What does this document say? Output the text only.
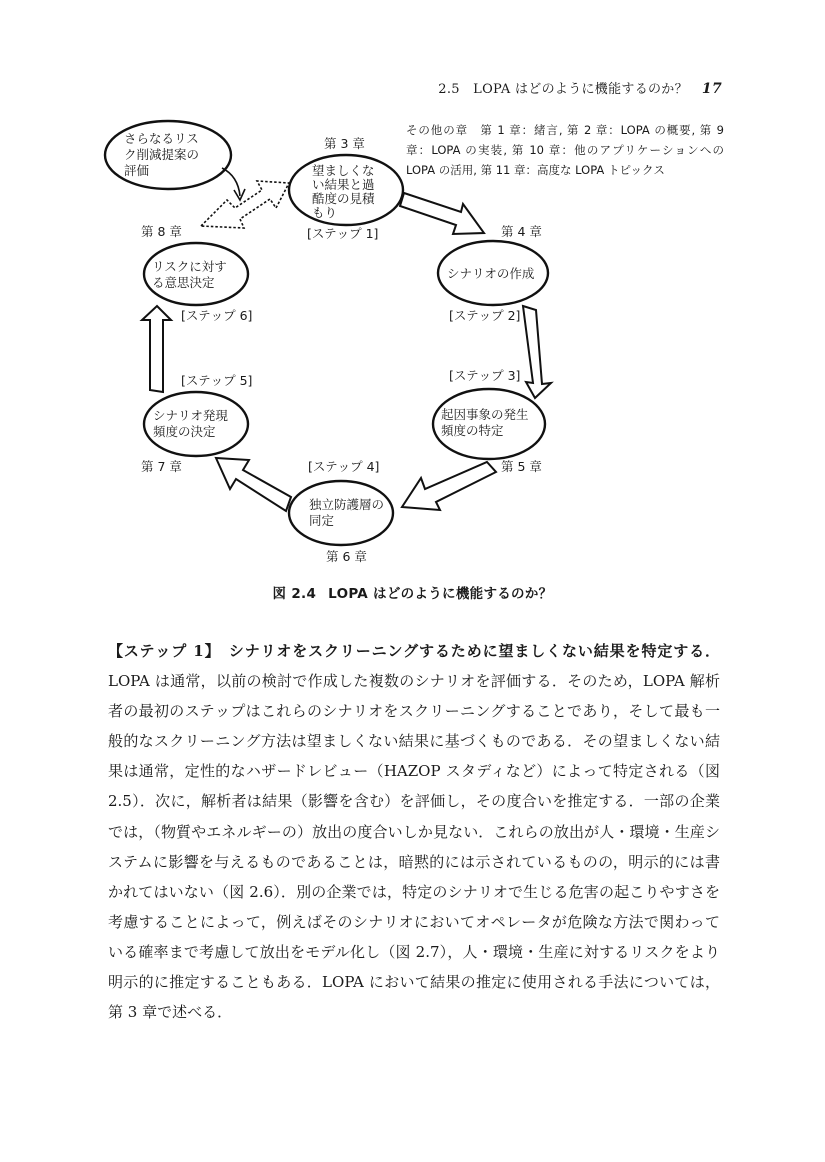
2.5　LOPA はどのように機能するのか？ 17
その他の章　第 1 章：緒言, 第 2 章：LOPA の概要, 第 9 章：LOPA の実装, 第 10 章：他のアプリケーションへの LOPA の活用, 第 11 章：高度な LOPA トピックス
さらなるリス ク削減提案の 評価	望ましくな い結果と過 酷度の見積 もり
シナリオの作成
起因事象の発生 頻度の特定
独立防護層の 同定
シナリオ発現 頻度の決定
リスクに対す る意思決定
第 3 章
第 4 章
第 5 章
第 6 章
第 7 章
第 8 章	[ステップ 1]
[ステップ 2]
[ステップ 3]
[ステップ 4]
[ステップ 5]
[ステップ 6]
図 2.4 LOPA はどのように機能するのか？
【ステップ 1】　シナリオをスクリーニングするために望ましくない結果を特定する．LOPA は通常，以前の検討で作成した複数のシナリオを評価する．そのため，LOPA 解析者の最初のステップはこれらのシナリオをスクリーニングすることであり，そして最も一般的なスクリーニング方法は望ましくない結果に基づくものである．その望ましくない結果は通常，定性的なハザードレビュー（HAZOP スタディなど）によって特定される（図 2.5）．次に，解析者は結果（影響を含む）を評価し，その度合いを推定する．一部の企業では，（物質やエネルギーの）放出の度合いしか見ない．これらの放出が人・環境・生産システムに影響を与えるものであることは，暗黙的には示されているものの，明示的には書かれてはいない（図 2.6）．別の企業では，特定のシナリオで生じる危害の起こりやすさを考慮することによって，例えばそのシナリオにおいてオペレータが危険な方法で関わっている確率まで考慮して放出をモデル化し（図 2.7），人・環境・生産に対するリスクをより明示的に推定することもある．LOPA において結果の推定に使用される手法については，第 3 章で述べる．
